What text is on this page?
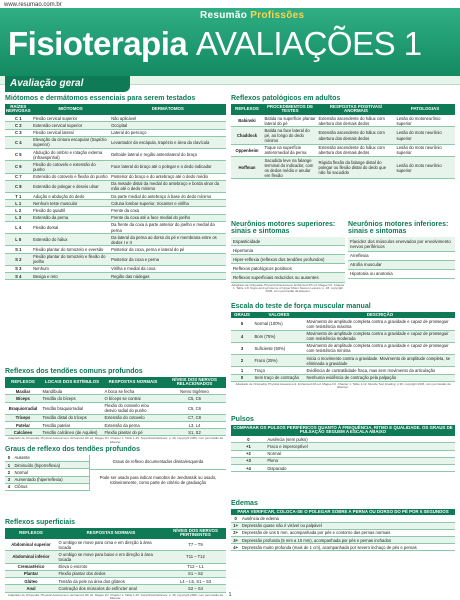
www.resumao.com.br
Resumão Profissões
Fisioterapia AVALIAÇÕES 1
Avaliação geral
Miótomos e dermátomos essenciais para serem testados
RAÍZES NERVOSAS	MIÓTOMOS	DERMÁTOMOS
C 1	Flexão cervical superior	Não aplicável
C 2	Extensão cervical superior	Occipital
C 3	Flexão cervical lateral	Lateral do pescoço
C 4	Elevação da cintura escapular (trapézio superior)	Levantador da escápula, trapézio e área da clavícula
C 5	Abdução do ombro e rotação externa (infraespinhal)	Deltoide lateral e região anterolateral do braço
C 6	Flexão do cotovelo e extensão do punho	Face lateral do braço até o polegar e o dedo indicador
C 7	Extensão do cotovelo e flexão do punho	Posterior do braço e do antebraço até o dedo médio
C 8	Extensão do polegar e desvio ulnar	Da metade distal da medial do antebraço e borda ulnar da mão até o dedo mínimo
T 1	Adução e abdução do dedo	Da parte medial do antebraço à base do dedo mínimo
L 1	Nenhum teste muscular	Coluna lombar superior, trocanter e virilha
L 2	Flexão do quadril	Frente da coxa
L 3	Extensão da perna	Frente da coxa até a face medial do joelho
L 4	Flexão dorsal	Da frente da coxa à parte anterior do joelho e medial da perna
L 5	Extensão do hálux	Da lateral da perna ao dorso do pé e membrana entre os dedos I e II
S 1	Flexão plantar do tornozelo e eversão	Posterior da coxa, perna e lateral do pé
S 2	Flexão plantar do tornozelo e flexão do joelho	Posterior da coxa e perna
S 3	Nenhum	Virilha e medial da coxa
S 4	Bexiga e reto	Região das nádegas
Reflexos dos tendões comuns profundos
REFLEXOS	LOCAIS DOS ESTÍMULOS	RESPOSTAS NORMAIS	NÍVEIS DOS NERVOS RELACIONADOS
Maxilar	Mandíbula	A boca se fecha	Nervo trigêmeo
Bíceps	Tendão do bíceps	O bíceps se contrai	C5, C6
Braquiorradial	Tendão braquiorradial	Flexão do cotovelo e/ou desvio radial do punho	C5, C6
Tríceps	Tendão distal do tríceps	Extensão do cotovelo	C7, C8
Patelar	Tendão patelar	Extensão da perna	L3, L4
Calcâneo	Tendão calcâneo (de Aquiles)	Flexão plantar do pé	S1, S2
Adaptado de Ortopedia: Physical Assessment. Enhanced 4th ed. Magee DJ. Chapter 1. Table 1-25. Superficial Reflexes; p. 46; copyright 2006, com permissão da Elsevier.
Graus de reflexo dos tendões profundos
0	Ausente
1	Diminuído (hiporreflexia)
2	Normal
3	Aumentado (hiperreflexia)
4	Clônus
Graus de reflexo documentados direita/esquerda
Pode ser usado para indicar manobra de Jendrassik ou usado, rotineiramente, como parte de critério de graduação
Reflexos superficiais
REFLEXOS	RESPOSTAS NORMAIS	NÍVEIS DOS NERVOS PERTINENTES
Abdominal superior	O umbigo se move para cima e em direção à área tocada	T7 – T9
Abdominal inferior	O umbigo se move para baixo e em direção à área tocada	T11 – T12
Cremastérico	Eleva o escroto	T12 – L1
Plantar	Flexão plantar dos dedos	S1 – S2
Glúteo	Tensão da pele na área dos glúteos	L4 – L5, S1 – S3
Anal	Contração dos músculos do esfíncter anal	S2 – S4
Adaptado de Ortopedia: Physical Assessment. Enhanced 4th ed. Magee DJ. Chapter 1. Table 1-25. Superficial Reflexes; p. 46; copyright 2006, com permissão da Elsevier.
Reflexos patológicos em adultos
REFLEXOS	PROCEDIMENTOS DE TESTES	RESPOSTAS POSITIVAS/ ANORMAIS	PATOLOGIAS
Babinski	Batida na superfície plantar lateral do pé	Extensão ascendente do hálux com abertura dos demais dedos	Lesão do motoneurônio superior
Chaddock	Batida na face lateral do pé, ao longo do dedo mínimo	Extensão ascendente do hálux com abertura dos demais dedos	Lesão do moto neurônio superior
Oppenheim	Toque na superfície anteromedial da perna	Extensão ascendente do hálux com abertura dos demais dedos	Lesão do moto neurônio superior
Hoffman	Sacudida leve na falange terminal do indicador, com os dedos médio e anular em flexão	Rápida flexão da falange distal do polegar ou flexão distal do dedo que não foi sacudido	Lesão do moto neurônio superior
Neurônios motores superiores: sinais e sintomas
Espasticidade
Hipertonia
Hiper-reflexia (reflexos dos tendões profundos)
Reflexos patológicos positivos
Reflexos superficiais reduzidos ou ausentes
Adaptado de Ortopedia: Physical Assessment. Enhanced 4th ed. Magee DJ. Chapter 1. Table 1-8. Signs and symptoms of Upper Motor Neuron Lesions; p. 28; copyright 2006, com permissão da Elsevier.
Neurônios motores inferiores: sinais e sintomas
Flacidez dos músculos enervados por envolvimento nervos periféricos
Arreflexia
Atrofia muscular
Hipotonia ou anotonia
Escala do teste de força muscular manual
GRAUS	VALORES	DESCRIÇÃO
5	Normal (100%)	Movimento de amplitude completa contra a gravidade e capaz de prosseguir com resistência máxima
4	Bom (75%)	Movimento de amplitude completa contra a gravidade e capaz de prosseguir com resistência moderada
3	Suficiente (50%)	Movimento de amplitude completa contra a gravidade e capaz de prosseguir com resistência mínima
2	Fraco (25%)	Inicia o movimento contra a gravidade. Movimento de amplitude completa, se eliminada a gravidade
1	Traço	Evidência de contratilidade fraca, mas sem movimento da articulação
0	Sem traço de contração	Nenhuma evidência de contração pela palpação
Adaptado de Ortopedia: Physical Assessment. Enhanced 4th ed. Magee DJ. Chapter 1. Table 1-12. Muscle Test Grading; p.30; copyright 2006, com permissão da Elsevier.
Pulsos
COMPARAR OS PULSOS PERIFÉRICOS QUANTO À FREQUÊNCIA, RITMO E QUALIDADE. OS GRAUS DE PULSAÇÃO SEGUEM A ESCALA ABAIXO	
0	Ausência (sem pulso)
+1	Fraco e imperceptível
+2	Normal
+3	Pleno
+4	Disparado
Edemas
PARA VERIFICAR, COLOCA-SE O POLEGAR SOBRE A PERNA OU DORSO DO PÉ POR 5 SEGUNDOS	
0	Ausência de edema
1+	Depressão quase não é visível ou palpável
2+	Depressão de uns 5 mm, acompanhada por pés e contorno das pernas normais
3+	Depressão profunda (5 mm a 10 mm), acompanhada por pés e pernas inchados
4+	Depressão muito profunda (mais de 1 cm), acompanhada por severo inchaço de pés e pernas
1
